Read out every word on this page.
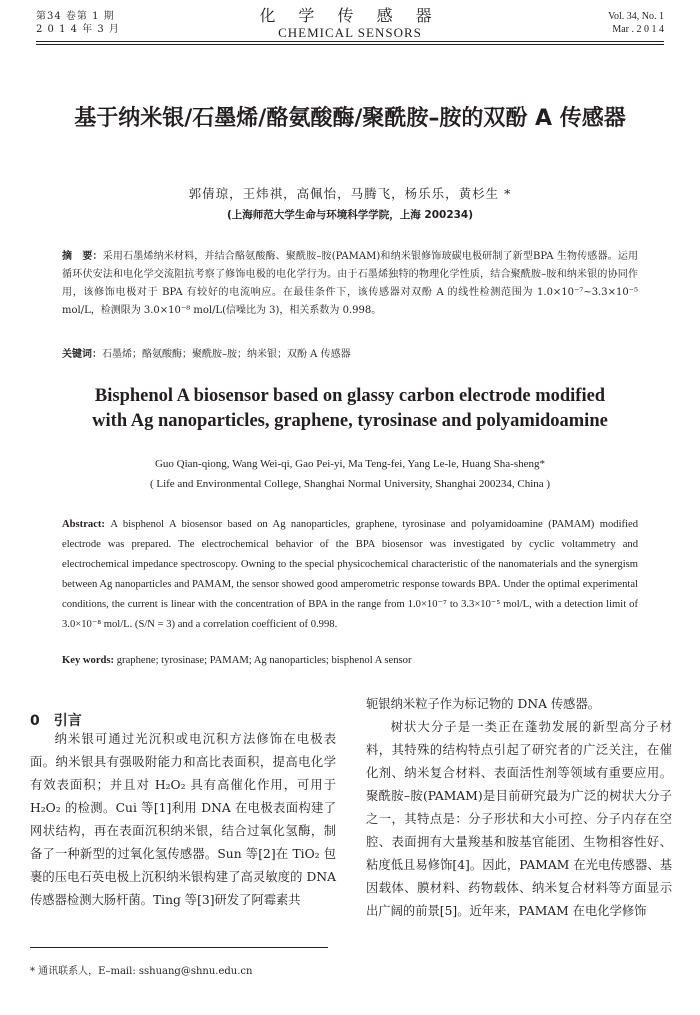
第34 卷第 1 期
2 0 1 4 年 3 月
化 学 传 感 器
CHEMICAL SENSORS
Vol. 34, No. 1
Mar . 2 0 1 4
基于纳米银/石墨烯/酪氨酸酶/聚酰胺–胺的双酚 A 传感器
郭倩琼，王炜祺，高佩怡，马腾飞，杨乐乐，黄杉生 *
(上海师范大学生命与环境科学学院，上海 200234)
摘　要：采用石墨烯纳米材料，并结合酪氨酸酶、聚酰胺–胺(PAMAM)和纳米银修饰玻碳电极研制了新型BPA 生物传感器。运用循环伏安法和电化学交流阻抗考察了修饰电极的电化学行为。由于石墨烯独特的物理化学性质，结合聚酰胺–胺和纳米银的协同作用，该修饰电极对于 BPA 有较好的电流响应。在最佳条件下，该传感器对双酚 A 的线性检测范围为 1.0×10⁻⁷~3.3×10⁻⁵ mol/L，检测限为 3.0×10⁻⁸ mol/L(信噪比为 3)，相关系数为 0.998。
关键词：石墨烯；酪氨酸酶；聚酰胺–胺；纳米银；双酚 A 传感器
Bisphenol A biosensor based on glassy carbon electrode modified
with Ag nanoparticles, graphene, tyrosinase and polyamidoamine
Guo Qian-qiong, Wang Wei-qi, Gao Pei-yi, Ma Teng-fei, Yang Le-le, Huang Sha-sheng*
( Life and Environmental College, Shanghai Normal University, Shanghai 200234, China )
Abstract: A bisphenol A biosensor based on Ag nanoparticles, graphene, tyrosinase and polyamidoamine (PAMAM) modified electrode was prepared. The electrochemical behavior of the BPA biosensor was investigated by cyclic voltammetry and electrochemical impedance spectroscopy. Owning to the special physicochemical characteristic of the nanomaterials and the synergism between Ag nanoparticles and PAMAM, the sensor showed good amperometric response towards BPA. Under the optimal experimental conditions, the current is linear with the concentration of BPA in the range from 1.0×10⁻⁷ to 3.3×10⁻⁵ mol/L, with a detection limit of 3.0×10⁻⁸ mol/L. (S/N = 3) and a correlation coefficient of 0.998.
Key words: graphene; tyrosinase; PAMAM; Ag nanoparticles; bisphenol A sensor
0 引言

纳米银可通过光沉积或电沉积方法修饰在电极表面。纳米银具有强吸附能力和高比表面积，提高电化学有效表面积；并且对 H₂O₂ 具有高催化作用，可用于 H₂O₂ 的检测。Cui 等[1]利用 DNA 在电极表面构建了网状结构，再在表面沉积纳米银，结合过氧化氢酶，制备了一种新型的过氧化氢传感器。Sun 等[2]在 TiO₂ 包裹的压电石英电极上沉积纳米银构建了高灵敏度的 DNA 传感器检测大肠杆菌。Ting 等[3]研发了阿霉素共

轭银纳米粒子作为标记物的 DNA 传感器。

树状大分子是一类正在蓬勃发展的新型高分子材料，其特殊的结构特点引起了研究者的广泛关注，在催化剂、纳米复合材料、表面活性剂等领域有重要应用。聚酰胺–胺(PAMAM)是目前研究最为广泛的树状大分子之一，其特点是：分子形状和大小可控、分子内存在空腔、表面拥有大量羧基和胺基官能团、生物相容性好、粘度低且易修饰[4]。因此，PAMAM 在光电传感器、基因载体、膜材料、药物载体、纳米复合材料等方面显示出广阔的前景[5]。近年来，PAMAM 在电化学修饰

* 通讯联系人，E–mail: sshuang@shnu.edu.cn
